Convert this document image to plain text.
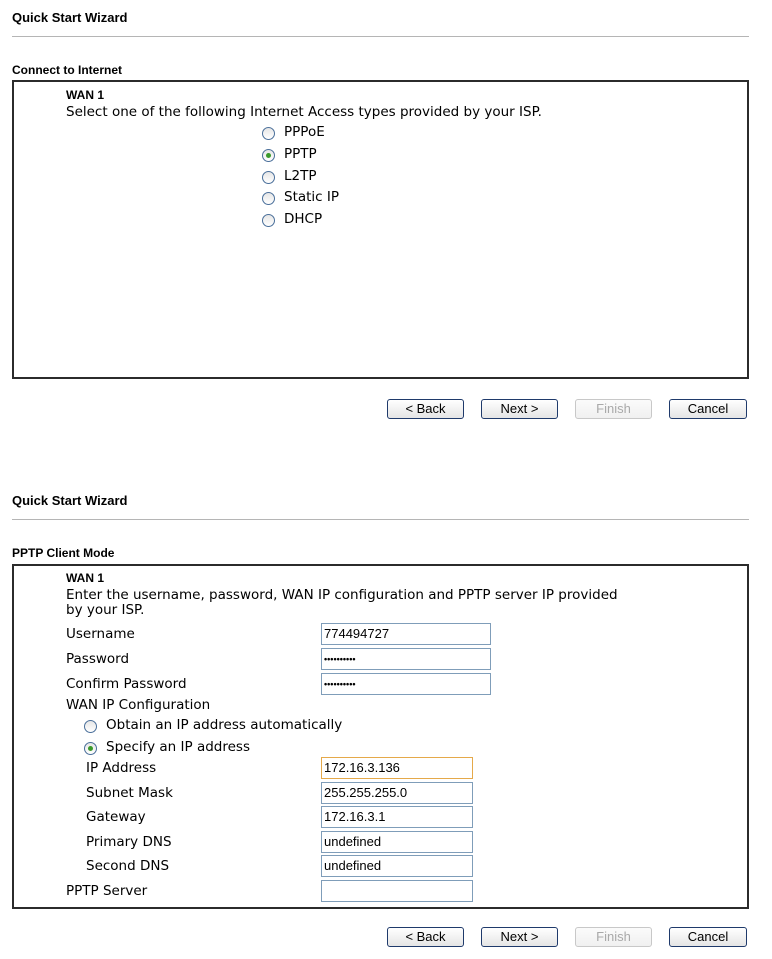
Quick Start Wizard
Connect to Internet
WAN 1
Select one of the following Internet Access types provided by your ISP.
PPPoE
PPTP
L2TP
Static IP
DHCP
< Back	Next >	Finish	Cancel
Quick Start Wizard
PPTP Client Mode
WAN 1
Enter the username, password, WAN IP configuration and PPTP server IP provided
by your ISP.
Username	774494727
Password	••••••••••
Confirm Password	••••••••••
WAN IP Configuration
Obtain an IP address automatically
Specify an IP address
IP Address	172.16.3.136
Subnet Mask	255.255.255.0
Gateway	172.16.3.1
Primary DNS	undefined
Second DNS	undefined
PPTP Server
< Back	Next >	Finish	Cancel
